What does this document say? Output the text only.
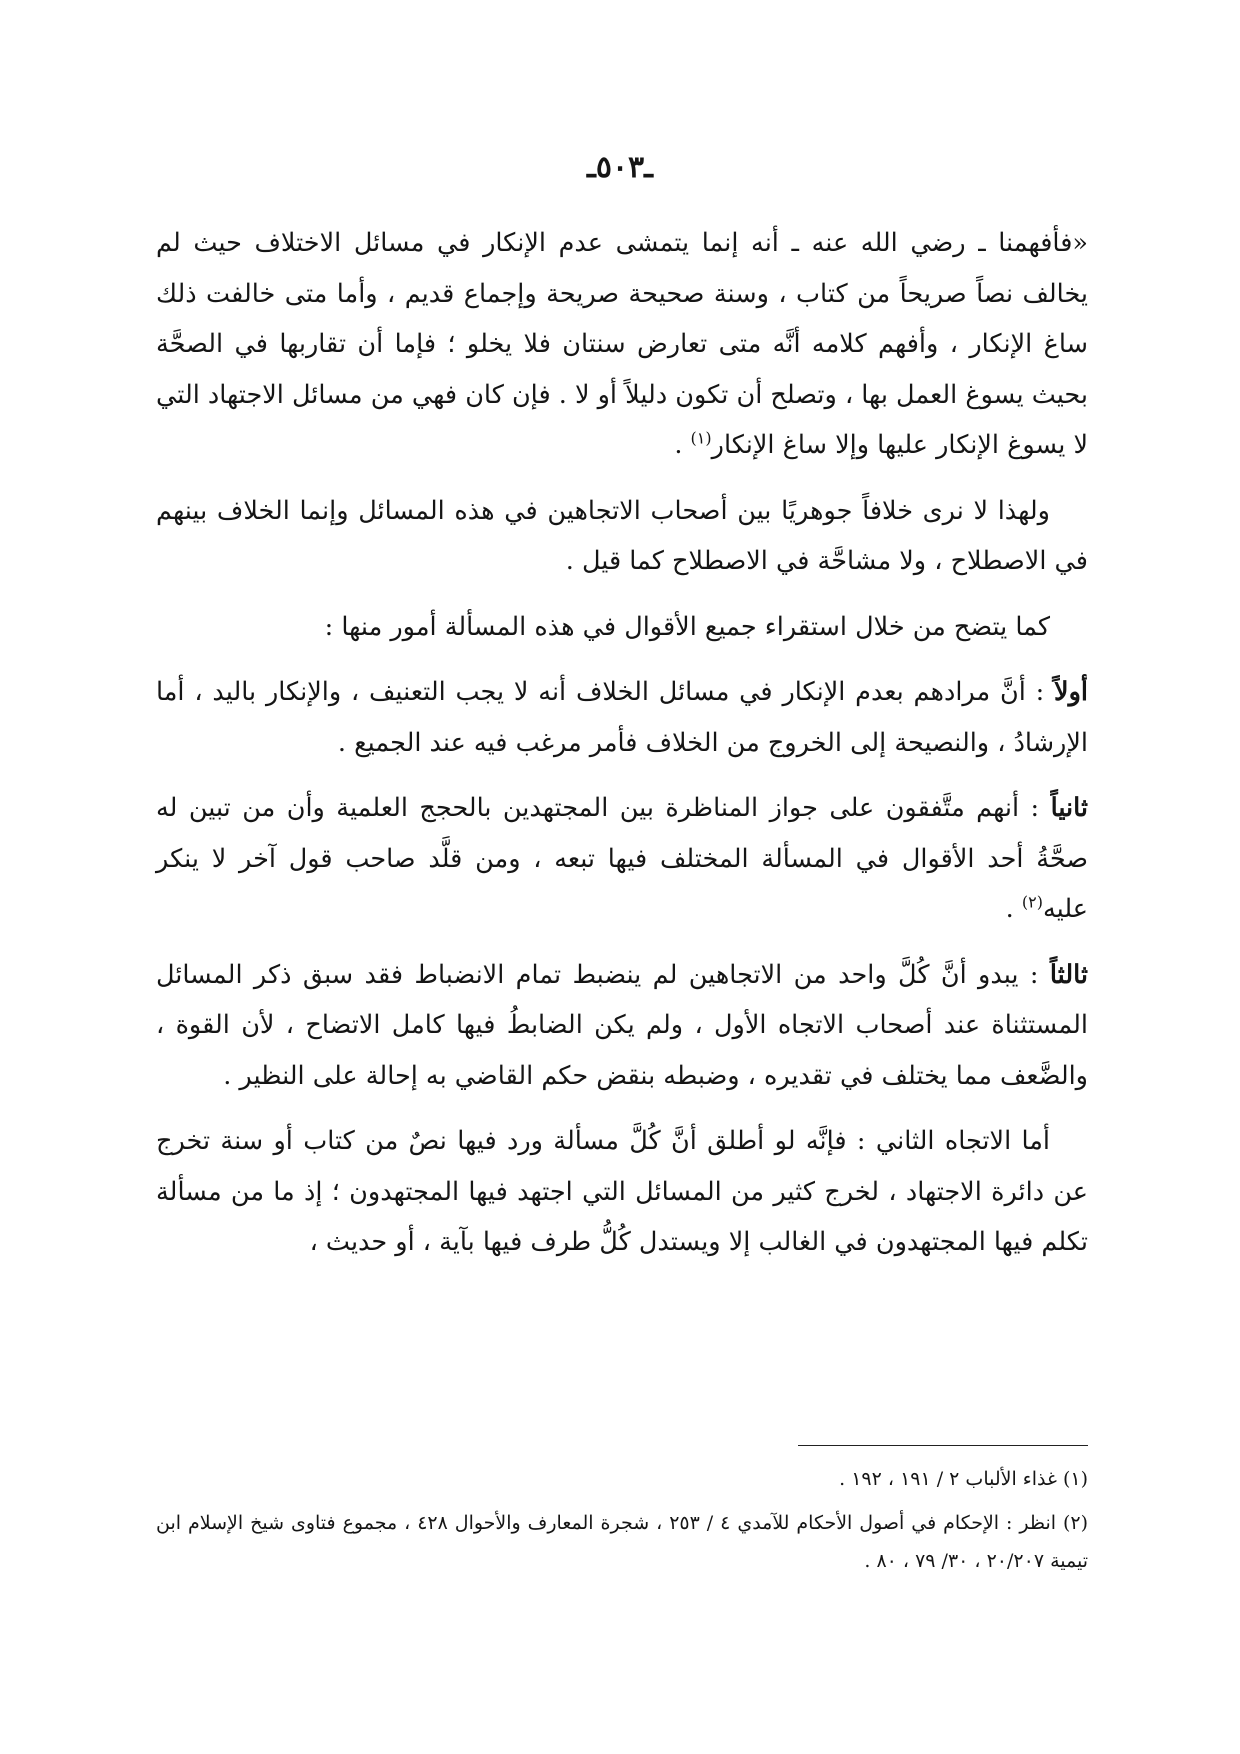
ـ٥٠٣ـ

«فأفهمنا ـ رضي الله عنه ـ أنه إنما يتمشى عدم الإنكار في مسائل الاختلاف حيث لم يخالف نصاً صريحاً من كتاب ، وسنة صحيحة صريحة وإجماع قديم ، وأما متى خالفت ذلك ساغ الإنكار ، وأفهم كلامه أنَّه متى تعارض سنتان فلا يخلو ؛ فإما أن تقاربها في الصحَّة بحيث يسوغ العمل بها ، وتصلح أن تكون دليلاً أو لا . فإن كان فهي من مسائل الاجتهاد التي لا يسوغ الإنكار عليها وإلا ساغ الإنكار$^{(١)}$ .

ولهذا لا نرى خلافاً جوهريًا بين أصحاب الاتجاهين في هذه المسائل وإنما الخلاف بينهم في الاصطلاح ، ولا مشاحَّة في الاصطلاح كما قيل .

كما يتضح من خلال استقراء جميع الأقوال في هذه المسألة أمور منها :

أولاً : أنَّ مرادهم بعدم الإنكار في مسائل الخلاف أنه لا يجب التعنيف ، والإنكار باليد ، أما الإرشادُ ، والنصيحة إلى الخروج من الخلاف فأمر مرغب فيه عند الجميع .

ثانياً : أنهم متَّفقون على جواز المناظرة بين المجتهدين بالحجج العلمية وأن من تبين له صحَّةُ أحد الأقوال في المسألة المختلف فيها تبعه ، ومن قلَّد صاحب قول آخر لا ينكر عليه$^{(٢)}$ .

ثالثاً : يبدو أنَّ كُلَّ واحد من الاتجاهين لم ينضبط تمام الانضباط فقد سبق ذكر المسائل المستثناة عند أصحاب الاتجاه الأول ، ولم يكن الضابطُ فيها كامل الاتضاح ، لأن القوة ، والضَّعف مما يختلف في تقديره ، وضبطه بنقض حكم القاضي به إحالة على النظير .

أما الاتجاه الثاني : فإنَّه لو أطلق أنَّ كُلَّ مسألة ورد فيها نصٌ من كتاب أو سنة تخرج عن دائرة الاجتهاد ، لخرج كثير من المسائل التي اجتهد فيها المجتهدون ؛ إذ ما من مسألة تكلم فيها المجتهدون في الغالب إلا ويستدل كُلُّ طرف فيها بآية ، أو حديث ،

(١) غذاء الألباب ٢ / ١٩١ ، ١٩٢ .

(٢) انظر : الإحكام في أصول الأحكام للآمدي ٤ / ٢٥٣ ، شجرة المعارف والأحوال ٤٢٨ ، مجموع فتاوى شيخ الإسلام ابن تيمية ٢٠/٢٠٧ ، ٣٠/ ٧٩ ، ٨٠ .
